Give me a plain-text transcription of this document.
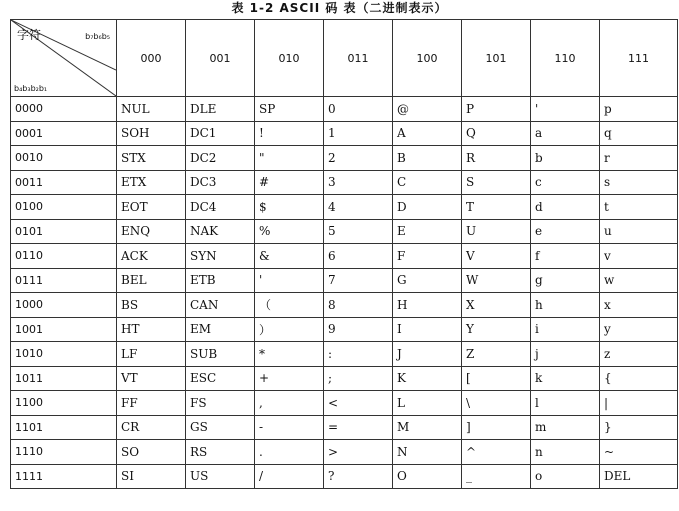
表 1-2 ASCII 码 表（二进制表示）
字符 b₇b₆b₅
b₄b₃b₂b₁	000	001	010	011	100	101	110	111
0000	NUL	DLE	SP	0	@	P	'	p
0001	SOH	DC1	!	1	A	Q	a	q
0010	STX	DC2	"	2	B	R	b	r
0011	ETX	DC3	#	3	C	S	c	s
0100	EOT	DC4	$	4	D	T	d	t
0101	ENQ	NAK	%	5	E	U	e	u
0110	ACK	SYN	&	6	F	V	f	v
0111	BEL	ETB	'	7	G	W	g	w
1000	BS	CAN	（	8	H	X	h	x
1001	HT	EM	）	9	I	Y	i	y
1010	LF	SUB	*	:	J	Z	j	z
1011	VT	ESC	+	;	K	[	k	{
1100	FF	FS	,	<	L	\	l	|
1101	CR	GS	-	=	M	]	m	}
1110	SO	RS	.	>	N	^	n	~
1111	SI	US	/	?	O	_	o	DEL
